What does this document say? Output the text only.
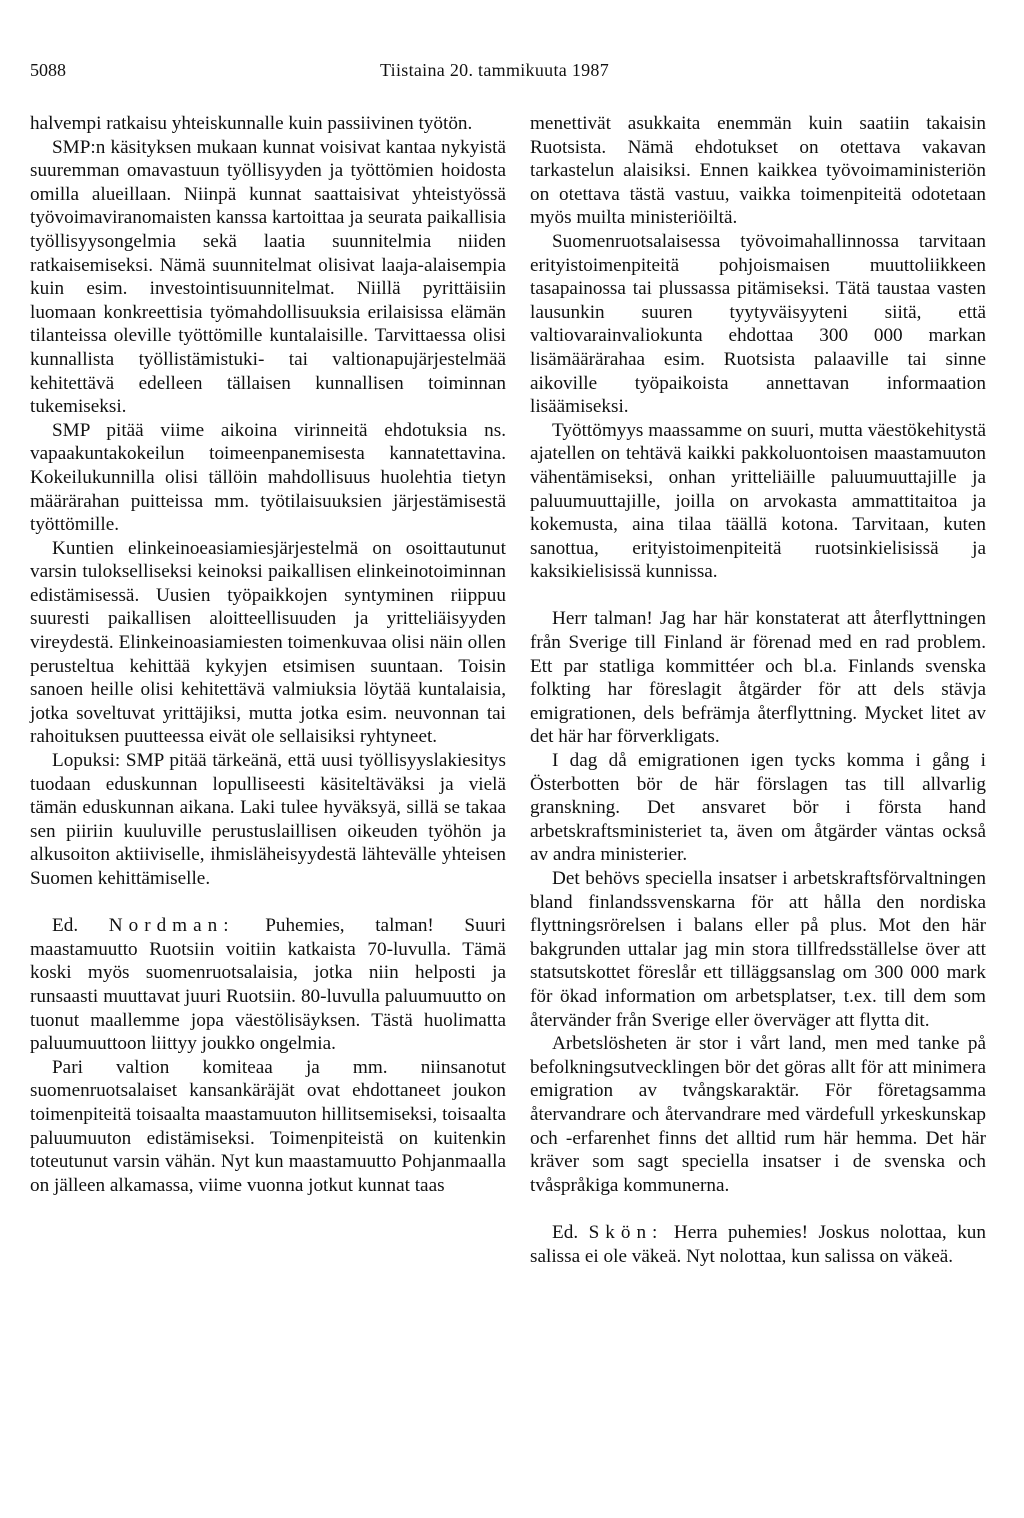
5088	Tiistaina 20. tammikuuta 1987

halvempi ratkaisu yhteiskunnalle kuin passiivinen työtön.

SMP:n käsityksen mukaan kunnat voisivat kantaa nykyistä suuremman omavastuun työllisyyden ja työttömien hoidosta omilla alueillaan. Niinpä kunnat saattaisivat yhteistyössä työvoimaviranomaisten kanssa kartoittaa ja seurata paikallisia työllisyysongelmia sekä laatia suunnitelmia niiden ratkaisemiseksi. Nämä suunnitelmat olisivat laaja-alaisempia kuin esim. investointisuunnitelmat. Niillä pyrittäisiin luomaan konkreettisia työmahdollisuuksia erilaisissa elämän tilanteissa oleville työttömille kuntalaisille. Tarvittaessa olisi kunnallista työllistämistuki- tai valtionapujärjestelmää kehitettävä edelleen tällaisen kunnallisen toiminnan tukemiseksi.

SMP pitää viime aikoina virinneitä ehdotuksia ns. vapaakuntakokeilun toimeenpanemisesta kannatettavina. Kokeilukunnilla olisi tällöin mahdollisuus huolehtia tietyn määrärahan puitteissa mm. työtilaisuuksien järjestämisestä työttömille.

Kuntien elinkeinoeasiamiesjärjestelmä on osoittautunut varsin tulokselliseksi keinoksi paikallisen elinkeinotoiminnan edistämisessä. Uusien työpaikkojen syntyminen riippuu suuresti paikallisen aloitteellisuuden ja yritteliäisyyden vireydestä. Elinkeinoasiamiesten toimenkuvaa olisi näin ollen perusteltua kehittää kykyjen etsimisen suuntaan. Toisin sanoen heille olisi kehitettävä valmiuksia löytää kuntalaisia, jotka soveltuvat yrittäjiksi, mutta jotka esim. neuvonnan tai rahoituksen puutteessa eivät ole sellaisiksi ryhtyneet.

Lopuksi: SMP pitää tärkeänä, että uusi työllisyyslakiesitys tuodaan eduskunnan lopulliseesti käsiteltäväksi ja vielä tämän eduskunnan aikana. Laki tulee hyväksyä, sillä se takaa sen piiriin kuuluville perustuslaillisen oikeuden työhön ja alkusoiton aktiiviselle, ihmisläheisyydestä lähtevälle yhteisen Suomen kehittämiselle.

Ed. Nordman: Puhemies, talman! Suuri maastamuutto Ruotsiin voitiin katkaista 70-luvulla. Tämä koski myös suomenruotsalaisia, jotka niin helposti ja runsaasti muuttavat juuri Ruotsiin. 80-luvulla paluumuutto on tuonut maallemme jopa väestölisäyksen. Tästä huolimatta paluumuuttoon liittyy joukko ongelmia.

Pari valtion komiteaa ja mm. niinsanotut suomenruotsalaiset kansankäräjät ovat ehdottaneet joukon toimenpiteitä toisaalta maastamuuton hillitsemiseksi, toisaalta paluumuuton edistämiseksi. Toimenpiteistä on kuitenkin toteutunut varsin vähän. Nyt kun maastamuutto Pohjanmaalla on jälleen alkamassa, viime vuonna jotkut kunnat taas

menettivät asukkaita enemmän kuin saatiin takaisin Ruotsista. Nämä ehdotukset on otettava vakavan tarkastelun alaisiksi. Ennen kaikkea työvoimaministeriön on otettava tästä vastuu, vaikka toimenpiteitä odotetaan myös muilta ministeriöiltä.

Suomenruotsalaisessa työvoimahallinnossa tarvitaan erityistoimenpiteitä pohjoismaisen muuttoliikkeen tasapainossa tai plussassa pitämiseksi. Tätä taustaa vasten lausunkin suuren tyytyväisyyteni siitä, että valtiovarainvaliokunta ehdottaa 300 000 markan lisämäärärahaa esim. Ruotsista palaaville tai sinne aikoville työpaikoista annettavan informaation lisäämiseksi.

Työttömyys maassamme on suuri, mutta väestökehitystä ajatellen on tehtävä kaikki pakkoluontoisen maastamuuton vähentämiseksi, onhan yritteliäille paluumuuttajille ja paluumuuttajille, joilla on arvokasta ammattitaitoa ja kokemusta, aina tilaa täällä kotona. Tarvitaan, kuten sanottua, erityistoimenpiteitä ruotsinkielisissä ja kaksikielisissä kunnissa.

Herr talman! Jag har här konstaterat att återflyttningen från Sverige till Finland är förenad med en rad problem. Ett par statliga kommittéer och bl.a. Finlands svenska folkting har föreslagit åtgärder för att dels stävja emigrationen, dels befrämja återflyttning. Mycket litet av det här har förverkligats.

I dag då emigrationen igen tycks komma i gång i Österbotten bör de här förslagen tas till allvarlig granskning. Det ansvaret bör i första hand arbetskraftsministeriet ta, även om åtgärder väntas också av andra ministerier.

Det behövs speciella insatser i arbetskraftsförvaltningen bland finlandssvenskarna för att hålla den nordiska flyttningsrörelsen i balans eller på plus. Mot den här bakgrunden uttalar jag min stora tillfredsställelse över att statsutskottet föreslår ett tilläggsanslag om 300 000 mark för ökad information om arbetsplatser, t.ex. till dem som återvänder från Sverige eller överväger att flytta dit.

Arbetslösheten är stor i vårt land, men med tanke på befolkningsutvecklingen bör det göras allt för att minimera emigration av tvångskaraktär. För företagsamma återvandrare och återvandrare med värdefull yrkeskunskap och -erfarenhet finns det alltid rum här hemma. Det här kräver som sagt speciella insatser i de svenska och tvåspråkiga kommunerna.

Ed. Skön: Herra puhemies! Joskus nolottaa, kun salissa ei ole väkeä. Nyt nolottaa, kun salissa on väkeä.
